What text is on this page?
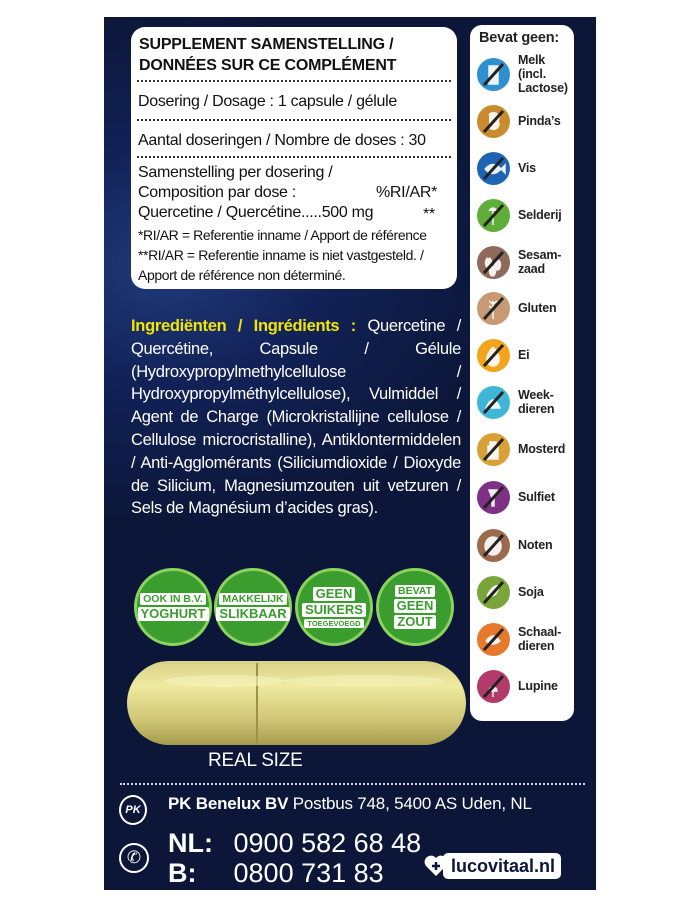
SUPPLEMENT SAMENSTELLING /
DONNÉES SUR CE COMPLÉMENT
Dosering / Dosage : 1 capsule / gélule
Aantal doseringen / Nombre de doses : 30
Samenstelling per dosering /
Composition par dose :	%RI/AR*
Quercetine / Quercétine.....500 mg	**
*RI/AR = Referentie inname / Apport de référence
**RI/AR = Referentie inname is niet vastgesteld. /
Apport de référence non déterminé.
Ingrediënten / Ingrédients : Quercetine / Quercétine, Capsule / Gélule (Hydroxypropylmethylcellulose / Hydroxypropylméthylcellulose), Vulmiddel / Agent de Charge (Microkristallijne cellulose / Cellulose microcristalline), Antiklontermiddelen / Anti-Agglomérants (Siliciumdioxide / Dioxyde de Silicium, Magnesiumzouten uit vetzuren / Sels de Magnésium d’acides gras).
OOK IN B.V.
YOGHURT
MAKKELIJK
SLIKBAAR
GEEN
SUIKERS
TOEGEVOEGD
BEVAT
GEEN
ZOUT
REAL SIZE
PK	PK Benelux BV Postbus 748, 5400 AS Uden, NL
✆ NL: 0900 582 68 48
B: 0800 731 83	lucovitaal.nl
Bevat geen:
Melk
(incl.
Lactose)
Pinda’s
Vis
Selderij
Sesam-
zaad
Gluten
Ei
Week-
dieren
Mosterd
Sulfiet
Noten
Soja
Schaal-
dieren
Lupine
